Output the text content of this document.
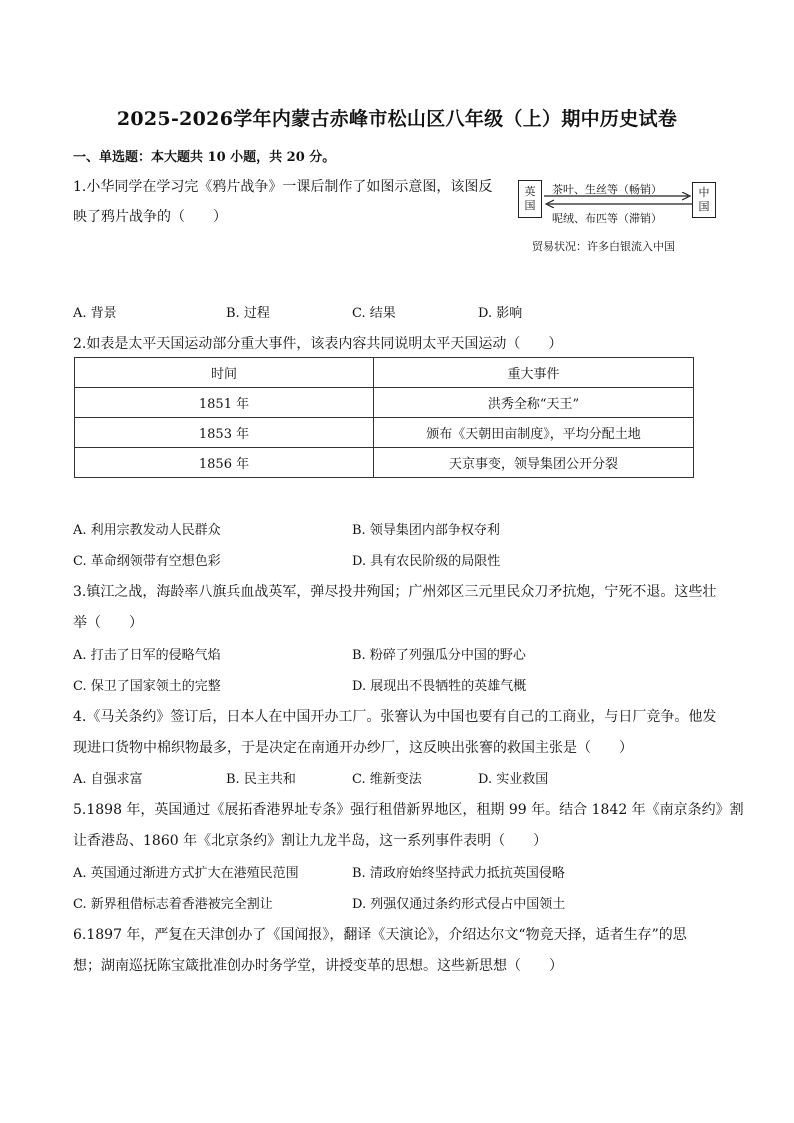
2025-2026学年内蒙古赤峰市松山区八年级（上）期中历史试卷
一、单选题：本大题共 10 小题，共 20 分。
1.小华同学在学习完《鸦片战争》一课后制作了如图示意图，该图反
映了鸦片战争的（　　）
英
国
中
国
茶叶、生丝等（畅销）
呢绒、布匹等（滞销）
贸易状况：许多白银流入中国
A. 背景	B. 过程	C. 结果	D. 影响
2.如表是太平天国运动部分重大事件，该表内容共同说明太平天国运动（　　）
时间	重大事件
1851 年	洪秀全称“天王”
1853 年	颁布《天朝田亩制度》，平均分配土地
1856 年	天京事变，领导集团公开分裂
A. 利用宗教发动人民群众	B. 领导集团内部争权夺利
C. 革命纲领带有空想色彩	D. 具有农民阶级的局限性
3.镇江之战，海龄率八旗兵血战英军，弹尽投井殉国；广州郊区三元里民众刀矛抗炮，宁死不退。这些壮
举（　　）
A. 打击了日军的侵略气焰	B. 粉碎了列强瓜分中国的野心
C. 保卫了国家领土的完整	D. 展现出不畏牺牲的英雄气概
4.《马关条约》签订后，日本人在中国开办工厂。张謇认为中国也要有自己的工商业，与日厂竞争。他发
现进口货物中棉织物最多，于是决定在南通开办纱厂，这反映出张謇的救国主张是（　　）
A. 自强求富	B. 民主共和	C. 维新变法	D. 实业救国
5.1898 年，英国通过《展拓香港界址专条》强行租借新界地区，租期 99 年。结合 1842 年《南京条约》割
让香港岛、1860 年《北京条约》割让九龙半岛，这一系列事件表明（　　）
A. 英国通过渐进方式扩大在港殖民范围	B. 清政府始终坚持武力抵抗英国侵略
C. 新界租借标志着香港被完全割让	D. 列强仅通过条约形式侵占中国领土
6.1897 年，严复在天津创办了《国闻报》，翻译《天演论》，介绍达尔文“物竞天择，适者生存”的思
想；湖南巡抚陈宝箴批准创办时务学堂，讲授变革的思想。这些新思想（　　）
